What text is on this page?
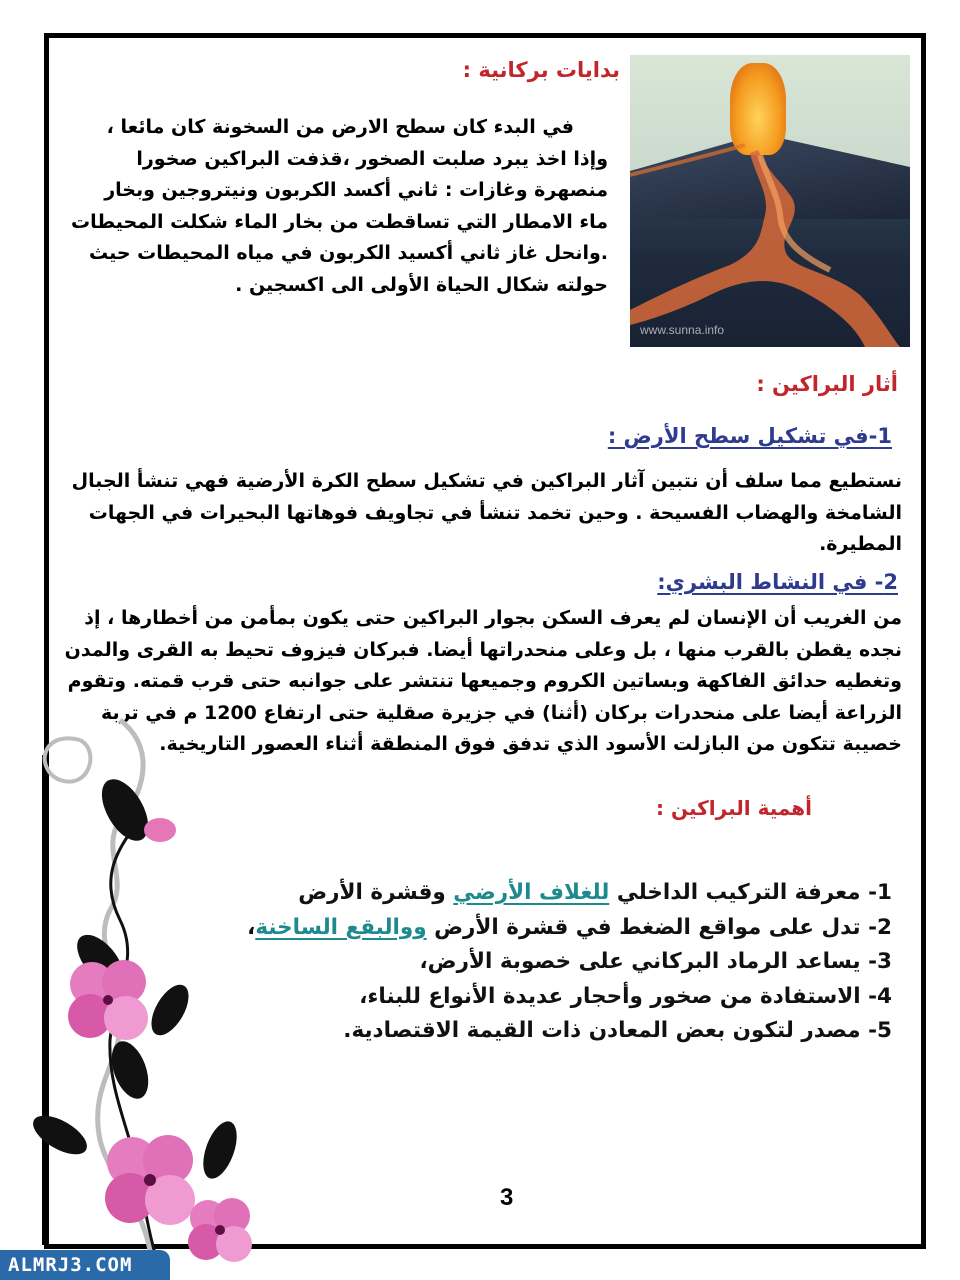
بدايات بركانية :
في البدء كان سطح الارض من السخونة كان مائعا ،
وإذا اخذ يبرد صلبت الصخور ،قذفت البراكين صخورا
منصهرة وغازات : ثاني أكسد الكربون ونيتروجين وبخار
ماء الامطار التي تساقطت من بخار الماء شكلت المحيطات
.وانحل غاز ثاني أكسيد الكربون في مياه المحيطات حيث
حولته شكال الحياة الأولى الى اكسجين .
www.sunna.info
أثار البراكين :
1-في تشكيل سطح الأرض :
نستطيع مما سلف أن نتبين آثار البراكين في تشكيل سطح الكرة الأرضية فهي تنشأ الجبال
الشامخة والهضاب الفسيحة . وحين تخمد تنشأ في تجاويف فوهاتها البحيرات في الجهات
المطيرة.
2- في النشاط البشري:
من الغريب أن الإنسان لم يعرف السكن بجوار البراكين حتى يكون بمأمن من أخطارها ، إذ
نجده يقطن بالقرب منها ، بل وعلى منحدراتها أيضا. فبركان فيزوف تحيط به القرى والمدن
وتغطيه حدائق الفاكهة وبساتين الكروم وجميعها تنتشر على جوانبه حتى قرب قمته. وتقوم
الزراعة أيضا على منحدرات بركان (أثنا) في جزيرة صقلية حتى ارتفاع 1200 م في تربة
خصيبة تتكون من البازلت الأسود الذي تدفق فوق المنطقة أثناء العصور التاريخية.
أهمية البراكين :
1- معرفة التركيب الداخلي للغلاف الأرضي وقشرة الأرض
2- تدل على مواقع الضغط في قشرة الأرض ووالبقع الساخنة،
3- يساعد الرماد البركاني على خصوبة الأرض،
4- الاستفادة من صخور وأحجار عديدة الأنواع للبناء،
5- مصدر لتكون بعض المعادن ذات القيمة الاقتصادية.
3
ALMRJ3.COM
